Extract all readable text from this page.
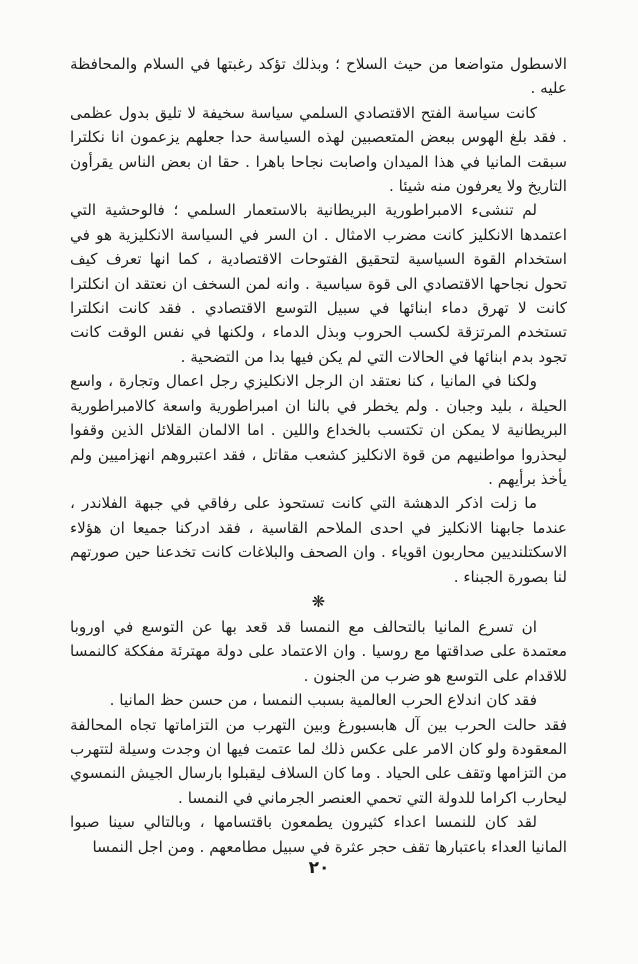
الاسطول متواضعا من حيث السلاح ؛ وبذلك تؤكد رغبتها في السلام والمحافظة عليه .

كانت سياسة الفتح الاقتصادي السلمي سياسة سخيفة لا تليق بدول عظمى . فقد بلغ الهوس ببعض المتعصبين لهذه السياسة حدا جعلهم يزعمون انا نكلترا سبقت المانيا في هذا الميدان واصابت نجاحا باهرا . حقا ان بعض الناس يقرأون التاريخ ولا يعرفون منه شيئا .

لم تنشىء الامبراطورية البريطانية بالاستعمار السلمي ؛ فالوحشية التي اعتمدها الانكليز كانت مضرب الامثال . ان السر في السياسة الانكليزية هو في استخدام القوة السياسية لتحقيق الفتوحات الاقتصادية ، كما انها تعرف كيف تحول نجاحها الاقتصادي الى قوة سياسية . وانه لمن السخف ان نعتقد ان انكلترا كانت لا تهرق دماء ابنائها في سبيل التوسع الاقتصادي . فقد كانت انكلترا تستخدم المرتزقة لكسب الحروب وبذل الدماء ، ولكنها في نفس الوقت كانت تجود بدم ابنائها في الحالات التي لم يكن فيها بدا من التضحية .

ولكنا في المانيا ، كنا نعتقد ان الرجل الانكليزي رجل اعمال وتجارة ، واسع الحيلة ، بليد وجبان . ولم يخطر في بالنا ان امبراطورية واسعة كالامبراطورية البريطانية لا يمكن ان تكتسب بالخداع واللين . اما الالمان القلائل الذين وقفوا ليحذروا مواطنيهم من قوة الانكليز كشعب مقاتل ، فقد اعتبروهم انهزاميين ولم يأخذ برأيهم .

ما زلت اذكر الدهشة التي كانت تستحوذ على رفاقي في جبهة الفلاندر ، عندما جابهنا الانكليز في احدى الملاحم القاسية ، فقد ادركنا جميعا ان هؤلاء الاسكتلنديين محاربون اقوياء . وان الصحف والبلاغات كانت تخدعنا حين صورتهم لنا بصورة الجبناء .

❋

ان تسرع المانيا بالتحالف مع النمسا قد قعد بها عن التوسع في اوروبا معتمدة على صداقتها مع روسيا . وان الاعتماد على دولة مهترئة مفككة كالنمسا للاقدام على التوسع هو ضرب من الجنون .

فقد كان اندلاع الحرب العالمية بسبب النمسا ، من حسن حظ المانيا .

فقد حالت الحرب بين آل هابسبورغ وبين التهرب من التزاماتها تجاه المحالفة المعقودة ولو كان الامر على عكس ذلك لما عتمت فيها ان وجدت وسيلة لتتهرب من التزامها وتقف على الحياد . وما كان السلاف ليقبلوا بارسال الجيش النمسوي ليحارب اكراما للدولة التي تحمي العنصر الجرماني في النمسا .

لقد كان للنمسا اعداء كثيرون يطمعون باقتسامها ، وبالتالي سينا صبوا المانيا العداء باعتبارها تقف حجر عثرة في سبيل مطامعهم . ومن اجل النمسا

٢٠
